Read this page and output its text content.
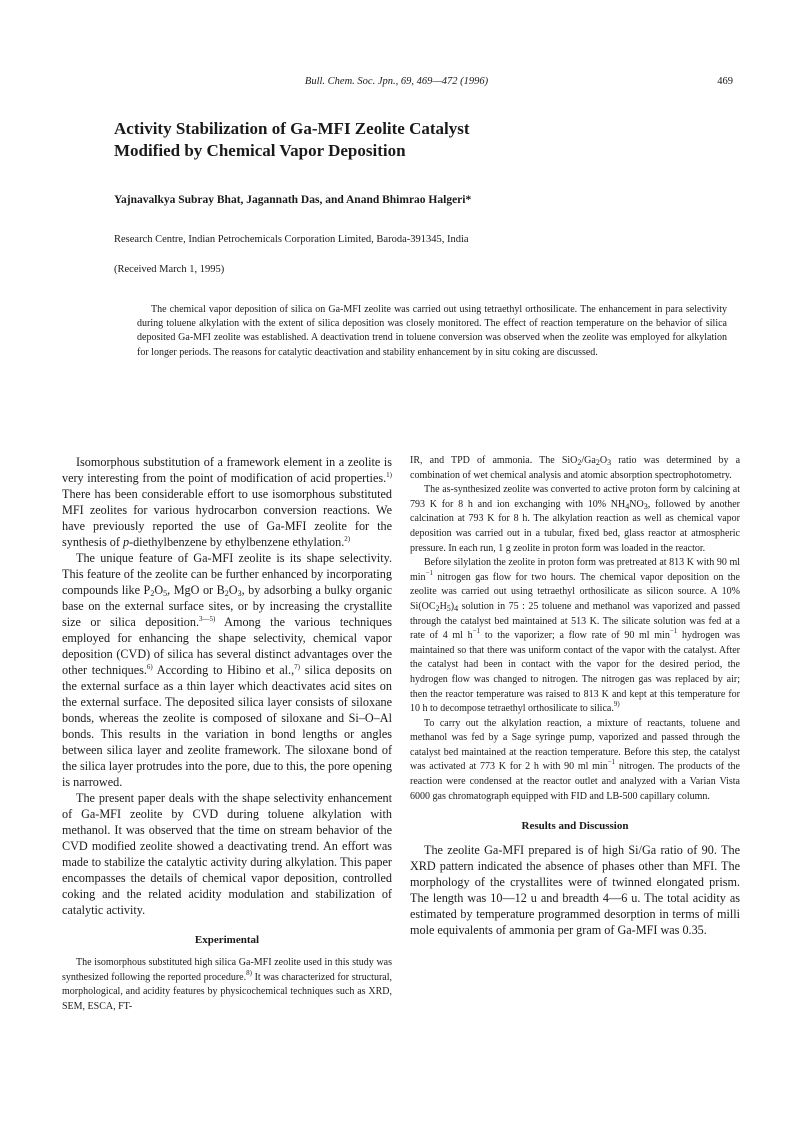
Bull. Chem. Soc. Jpn., 69, 469—472 (1996)	469
Activity Stabilization of Ga-MFI Zeolite Catalyst
Modified by Chemical Vapor Deposition
Yajnavalkya Subray Bhat, Jagannath Das, and Anand Bhimrao Halgeri*
Research Centre, Indian Petrochemicals Corporation Limited, Baroda-391345, India
(Received March 1, 1995)
The chemical vapor deposition of silica on Ga-MFI zeolite was carried out using tetraethyl orthosilicate. The enhancement in para selectivity during toluene alkylation with the extent of silica deposition was closely monitored. The effect of reaction temperature on the behavior of silica deposited Ga-MFI zeolite was established. A deactivation trend in toluene conversion was observed when the zeolite was employed for alkylation for longer periods. The reasons for catalytic deactivation and stability enhancement by in situ coking are discussed.

Isomorphous substitution of a framework element in a zeolite is very interesting from the point of modification of acid properties.$^{1)}$ There has been considerable effort to use isomorphous substituted MFI zeolites for various hydrocarbon conversion reactions. We have previously reported the use of Ga-MFI zeolite for the synthesis of p-diethylbenzene by ethylbenzene ethylation.$^{2)}$

The unique feature of Ga-MFI zeolite is its shape selectivity. This feature of the zeolite can be further enhanced by incorporating compounds like $P_2O_5$, MgO or $B_2O_3$, by adsorbing a bulky organic base on the external surface sites, or by increasing the crystallite size or silica deposition.$^{3—5)}$ Among the various techniques employed for enhancing the shape selectivity, chemical vapor deposition (CVD) of silica has several distinct advantages over the other techniques.$^{6)}$ According to Hibino et al.,$^{7)}$ silica deposits on the external surface as a thin layer which deactivates acid sites on the external surface. The deposited silica layer consists of siloxane bonds, whereas the zeolite is composed of siloxane and Si–O–Al bonds. This results in the variation in bond lengths or angles between silica layer and zeolite framework. The siloxane bond of the silica layer protrudes into the pore, due to this, the pore opening is narrowed.

The present paper deals with the shape selectivity enhancement of Ga-MFI zeolite by CVD during toluene alkylation with methanol. It was observed that the time on stream behavior of the CVD modified zeolite showed a deactivating trend. An effort was made to stabilize the catalytic activity during alkylation. This paper encompasses the details of chemical vapor deposition, controlled coking and the related acidity modulation and stabilization of catalytic activity.

Experimental

The isomorphous substituted high silica Ga-MFI zeolite used in this study was synthesized following the reported procedure.$^{8)}$ It was characterized for structural, morphological, and acidity features by physicochemical techniques such as XRD, SEM, ESCA, FT-

IR, and TPD of ammonia. The $SiO_2/Ga_2O_3$ ratio was determined by a combination of wet chemical analysis and atomic absorption spectrophotometry.

The as-synthesized zeolite was converted to active proton form by calcining at 793 K for 8 h and ion exchanging with 10% $NH_4NO_3$, followed by another calcination at 793 K for 8 h. The alkylation reaction as well as chemical vapor deposition was carried out in a tubular, fixed bed, glass reactor at atmospheric pressure. In each run, 1 g zeolite in proton form was loaded in the reactor.

Before silylation the zeolite in proton form was pretreated at 813 K with 90 ml $\min^{-1}$ nitrogen gas flow for two hours. The chemical vapor deposition on the zeolite was carried out using tetraethyl orthosilicate as silicon source. A 10% $Si(OC_2H_5)_4$ solution in 75 : 25 toluene and methanol was vaporized and passed through the catalyst bed maintained at 513 K. The silicate solution was fed at a rate of 4 ml $h^{-1}$ to the vaporizer; a flow rate of 90 ml $\min^{-1}$ hydrogen was maintained so that there was uniform contact of the vapor with the catalyst. After the catalyst had been in contact with the vapor for the desired period, the hydrogen flow was changed to nitrogen. The nitrogen gas was replaced by air; then the reactor temperature was raised to 813 K and kept at this temperature for 10 h to decompose tetraethyl orthosilicate to silica.$^{9)}$

To carry out the alkylation reaction, a mixture of reactants, toluene and methanol was fed by a Sage syringe pump, vaporized and passed through the catalyst bed maintained at the reaction temperature. Before this step, the catalyst was activated at 773 K for 2 h with 90 ml $\min^{-1}$ nitrogen. The products of the reaction were condensed at the reactor outlet and analyzed with a Varian Vista 6000 gas chromatograph equipped with FID and LB-500 capillary column.

Results and Discussion

The zeolite Ga-MFI prepared is of high Si/Ga ratio of 90. The XRD pattern indicated the absence of phases other than MFI. The morphology of the crystallites were of twinned elongated prism. The length was 10—12 u and breadth 4—6 u. The total acidity as estimated by temperature programmed desorption in terms of milli mole equivalents of ammonia per gram of Ga-MFI was 0.35.
